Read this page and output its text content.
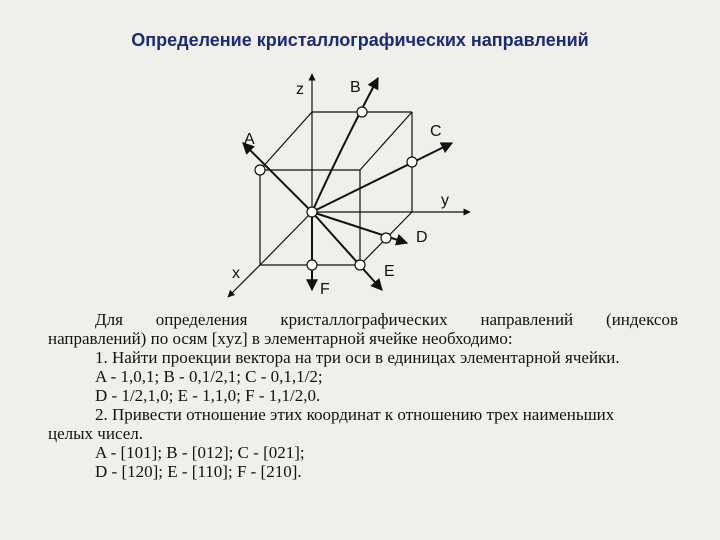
Определение кристаллографических направлений
z
y
x
A
B
C
D
E
F

Для определения кристаллографических направлений (индексов

направлений) по осям [xyz] в элементарной ячейке необходимо:

1. Найти проекции вектора на три оси в единицах элементарной ячейки.

A - 1,0,1; B - 0,1/2,1; C - 0,1,1/2;

D - 1/2,1,0; E - 1,1,0; F - 1,1/2,0.

2. Привести отношение этих координат к отношению трех наименьших

целых чисел.

A - [101]; B - [012]; C - [021];

D - [120]; E - [110]; F - [210].
